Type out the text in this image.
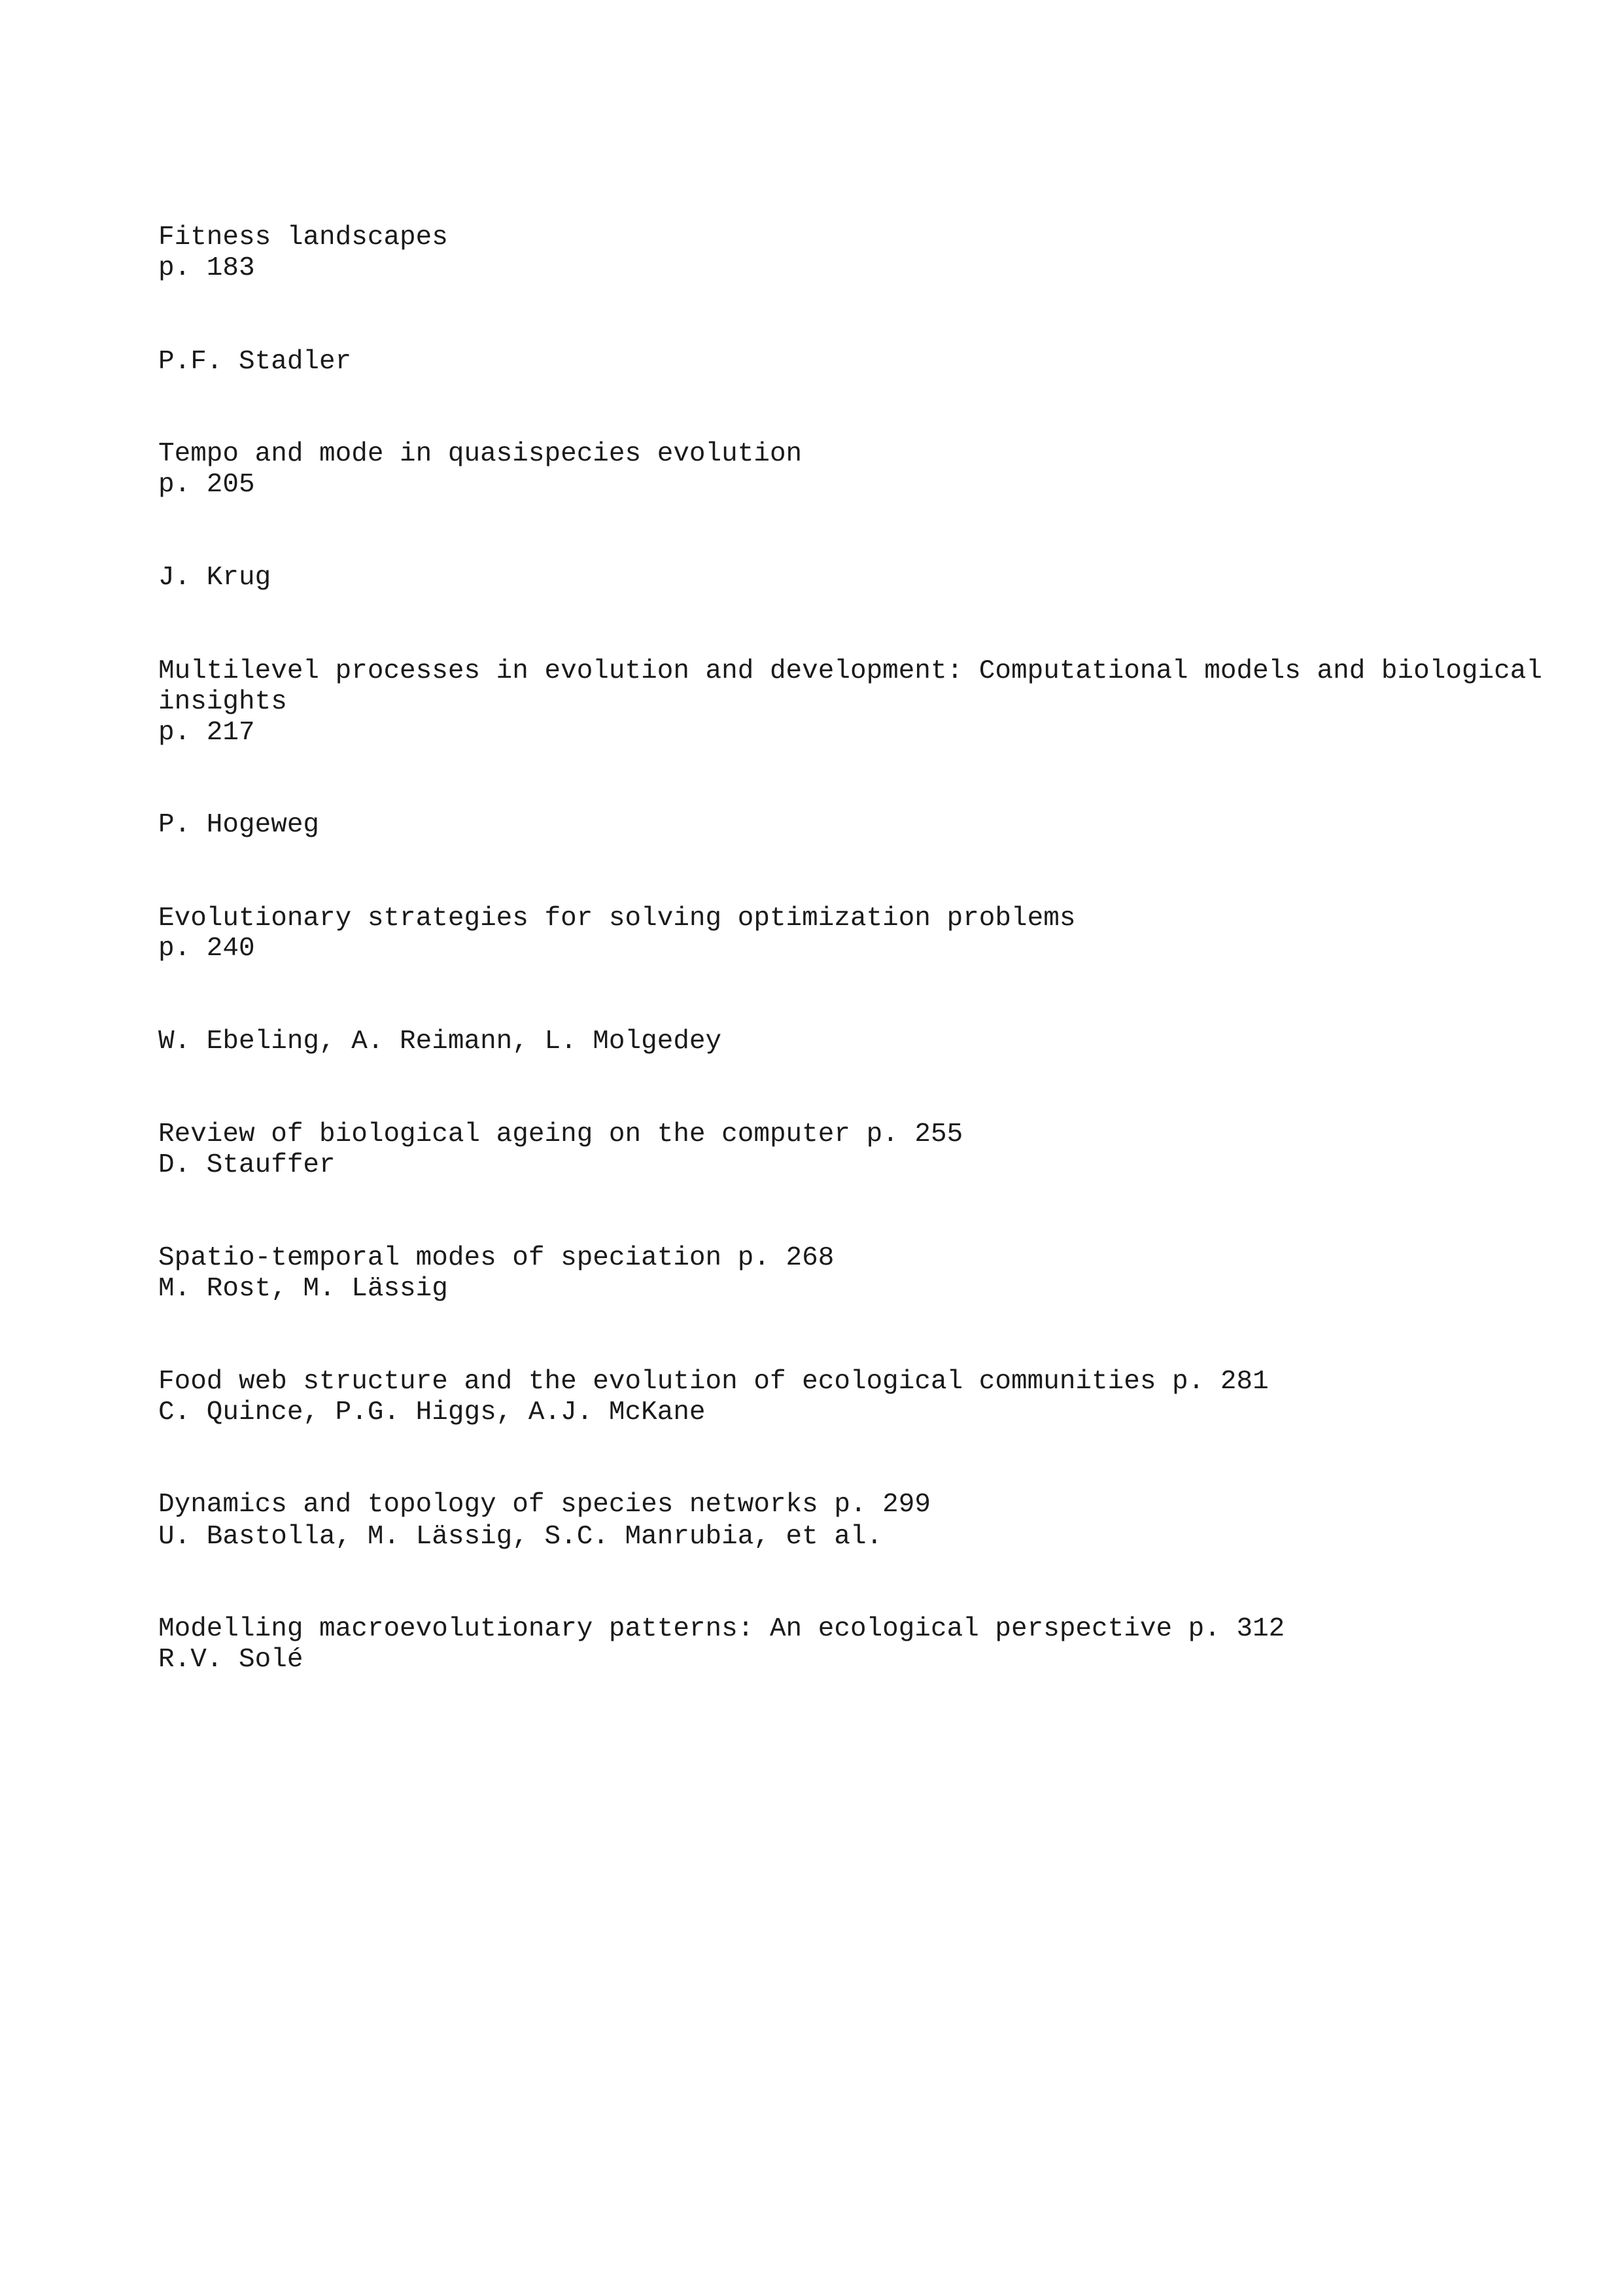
Fitness landscapes

p. 183

P.F. Stadler

Tempo and mode in quasispecies evolution

p. 205

J. Krug

Multilevel processes in evolution and development: Computational models and biological

insights

p. 217

P. Hogeweg

Evolutionary strategies for solving optimization problems

p. 240

W. Ebeling, A. Reimann, L. Molgedey

Review of biological ageing on the computer p. 255

D. Stauffer

Spatio-temporal modes of speciation p. 268

M. Rost, M. Lässig

Food web structure and the evolution of ecological communities p. 281

C. Quince, P.G. Higgs, A.J. McKane

Dynamics and topology of species networks p. 299

U. Bastolla, M. Lässig, S.C. Manrubia, et al.

Modelling macroevolutionary patterns: An ecological perspective p. 312

R.V. Solé
